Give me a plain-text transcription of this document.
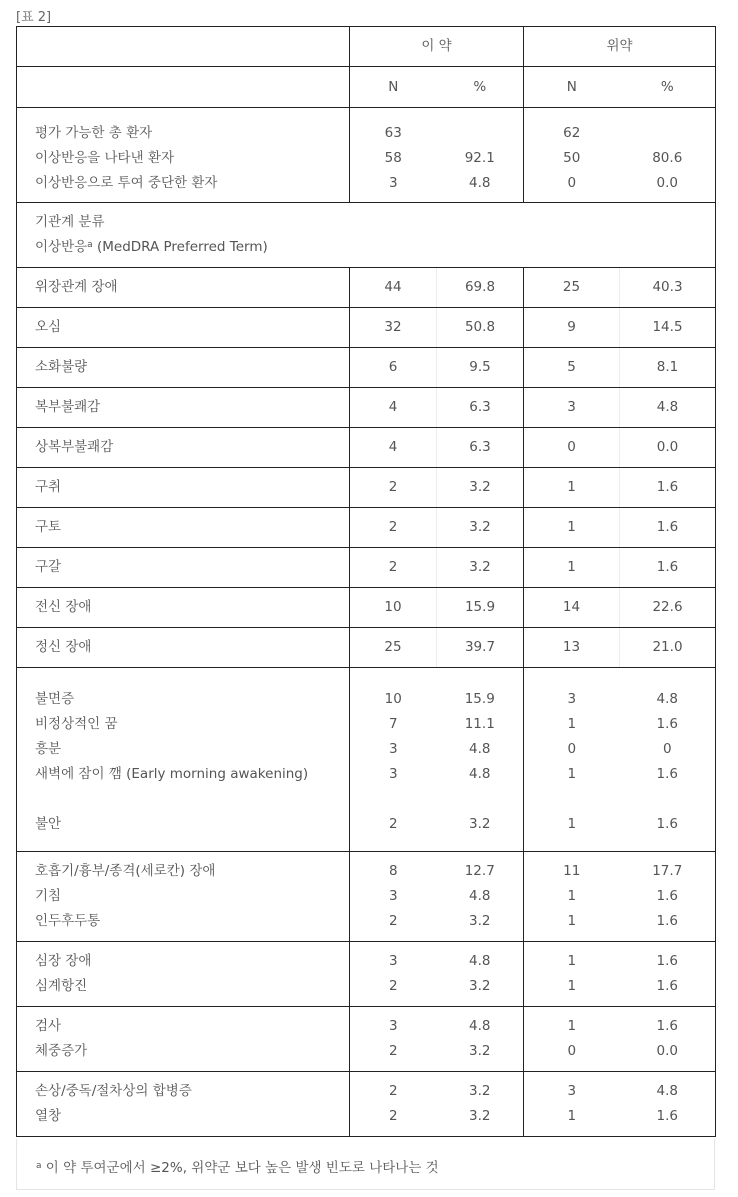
[표 2]
	이 약		위약	
	N	%	N	%
평가 가능한 총 환자	63		62	
이상반응을 나타낸 환자	58	92.1	50	80.6
이상반응으로 투여 중단한 환자	3	4.8	0	0.0

기관계 분류
이상반응$^a$ (MedDRA Preferred Term)				

위장관계 장애	44	69.8	25	40.3
오심	32	50.8	9	14.5
소화불량	6	9.5	5	8.1
복부불쾌감	4	6.3	3	4.8
상복부불쾌감	4	6.3	0	0.0
구취	2	3.2	1	1.6
구토	2	3.2	1	1.6
구갈	2	3.2	1	1.6
전신 장애	10	15.9	14	22.6
정신 장애	25	39.7	13	21.0
불면증	10	15.9	3	4.8
비정상적인 꿈	7	11.1	1	1.6
흥분	3	4.8	0	0
새벽에 잠이 깸 (Early morning awakening)	3	4.8	1	1.6
불안	2	3.2	1	1.6
호흡기/흉부/종격(세로칸) 장애	8	12.7	11	17.7
기침	3	4.8	1	1.6
인두후두통	2	3.2	1	1.6
심장 장애	3	4.8	1	1.6
심계항진	2	3.2	1	1.6
검사	3	4.8	1	1.6
체중증가	2	3.2	0	0.0
손상/중독/절차상의 합병증	2	3.2	3	4.8
열창	2	3.2	1	1.6
$^a$ 이 약 투여군에서 ≥2%, 위약군 보다 높은 발생 빈도로 나타나는 것
